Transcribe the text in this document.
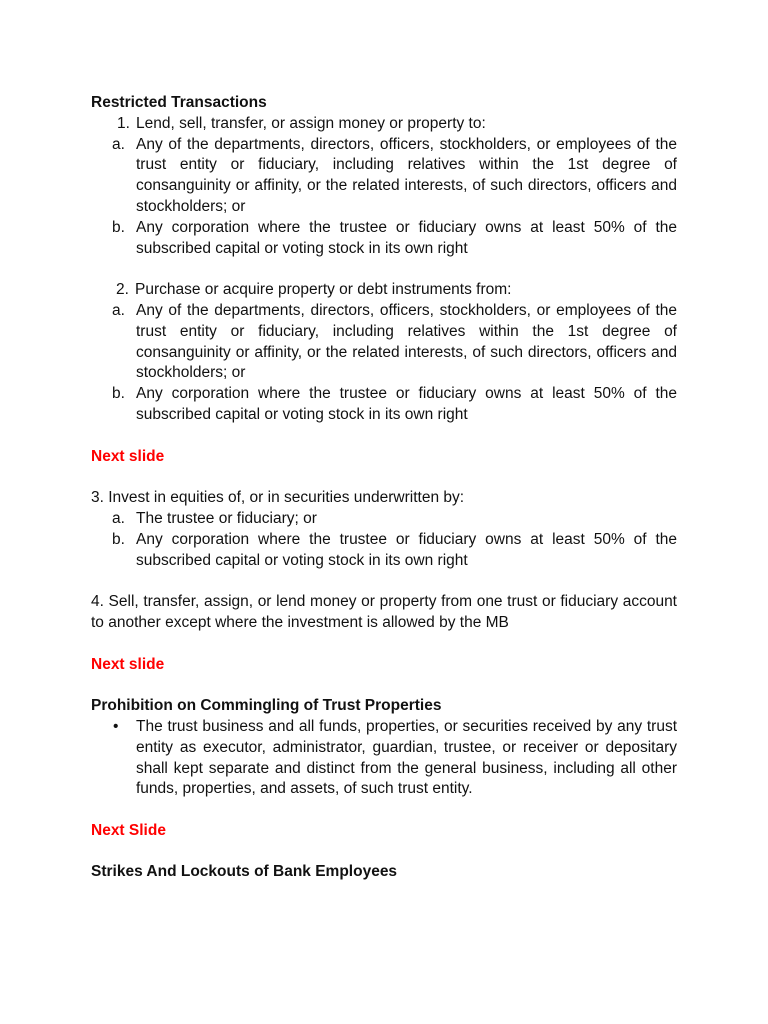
Restricted Transactions

1. Lend, sell, transfer, or assign money or property to:
a. Any of the departments, directors, officers, stockholders, or employees of the trust entity or fiduciary, including relatives within the 1st degree of consanguinity or affinity, or the related interests, of such directors, officers and stockholders; or
b. Any corporation where the trustee or fiduciary owns at least 50% of the subscribed capital or voting stock in its own right
2. Purchase or acquire property or debt instruments from:
a. Any of the departments, directors, officers, stockholders, or employees of the trust entity or fiduciary, including relatives within the 1st degree of consanguinity or affinity, or the related interests, of such directors, officers and stockholders; or
b. Any corporation where the trustee or fiduciary owns at least 50% of the subscribed capital or voting stock in its own right

Next slide

3. Invest in equities of, or in securities underwritten by:

a. The trustee or fiduciary; or
b. Any corporation where the trustee or fiduciary owns at least 50% of the subscribed capital or voting stock in its own right

4. Sell, transfer, assign, or lend money or property from one trust or fiduciary account to another except where the investment is allowed by the MB

Next slide

Prohibition on Commingling of Trust Properties

•	The trust business and all funds, properties, or securities received by any trust entity as executor, administrator, guardian, trustee, or receiver or depositary shall kept separate and distinct from the general business, including all other funds, properties, and assets, of such trust entity.

Next Slide

Strikes And Lockouts of Bank Employees
